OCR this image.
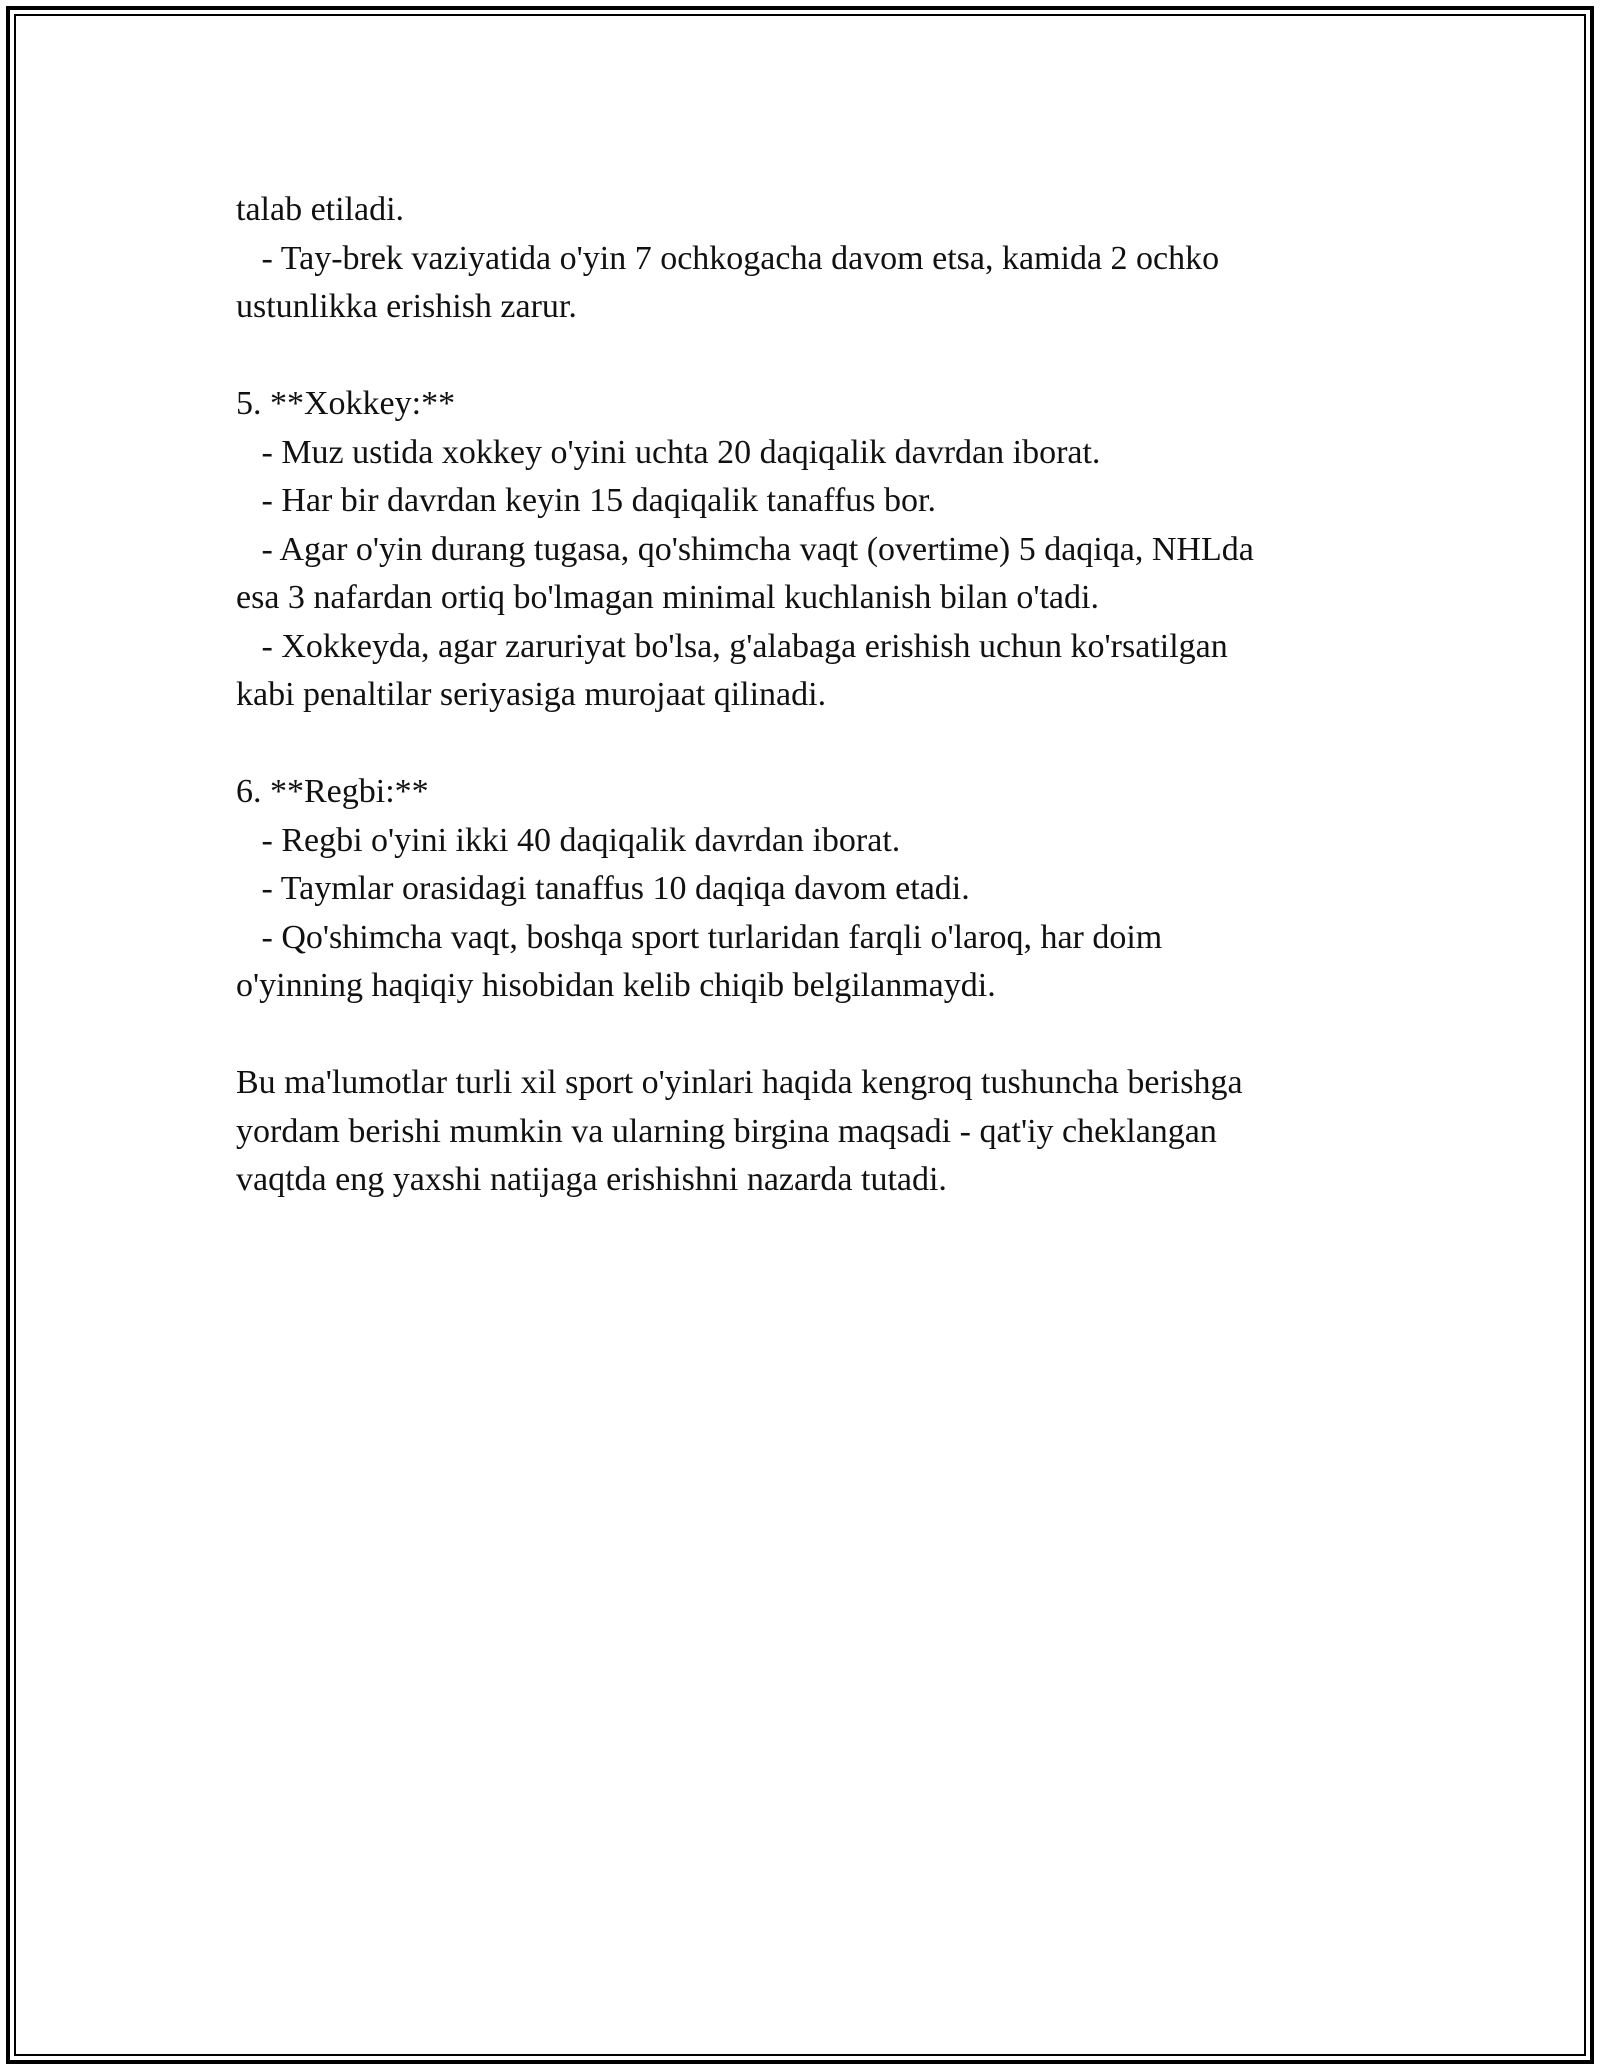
talab etiladi.

- Tay-brek vaziyatida o'yin 7 ochkogacha davom etsa, kamida 2 ochko

ustunlikka erishish zarur.

5. **Xokkey:**

- Muz ustida xokkey o'yini uchta 20 daqiqalik davrdan iborat.

- Har bir davrdan keyin 15 daqiqalik tanaffus bor.

- Agar o'yin durang tugasa, qo'shimcha vaqt (overtime) 5 daqiqa, NHLda

esa 3 nafardan ortiq bo'lmagan minimal kuchlanish bilan o'tadi.

- Xokkeyda, agar zaruriyat bo'lsa, g'alabaga erishish uchun ko'rsatilgan

kabi penaltilar seriyasiga murojaat qilinadi.

6. **Regbi:**

- Regbi o'yini ikki 40 daqiqalik davrdan iborat.

- Taymlar orasidagi tanaffus 10 daqiqa davom etadi.

- Qo'shimcha vaqt, boshqa sport turlaridan farqli o'laroq, har doim

o'yinning haqiqiy hisobidan kelib chiqib belgilanmaydi.

Bu ma'lumotlar turli xil sport o'yinlari haqida kengroq tushuncha berishga

yordam berishi mumkin va ularning birgina maqsadi - qat'iy cheklangan

vaqtda eng yaxshi natijaga erishishni nazarda tutadi.
